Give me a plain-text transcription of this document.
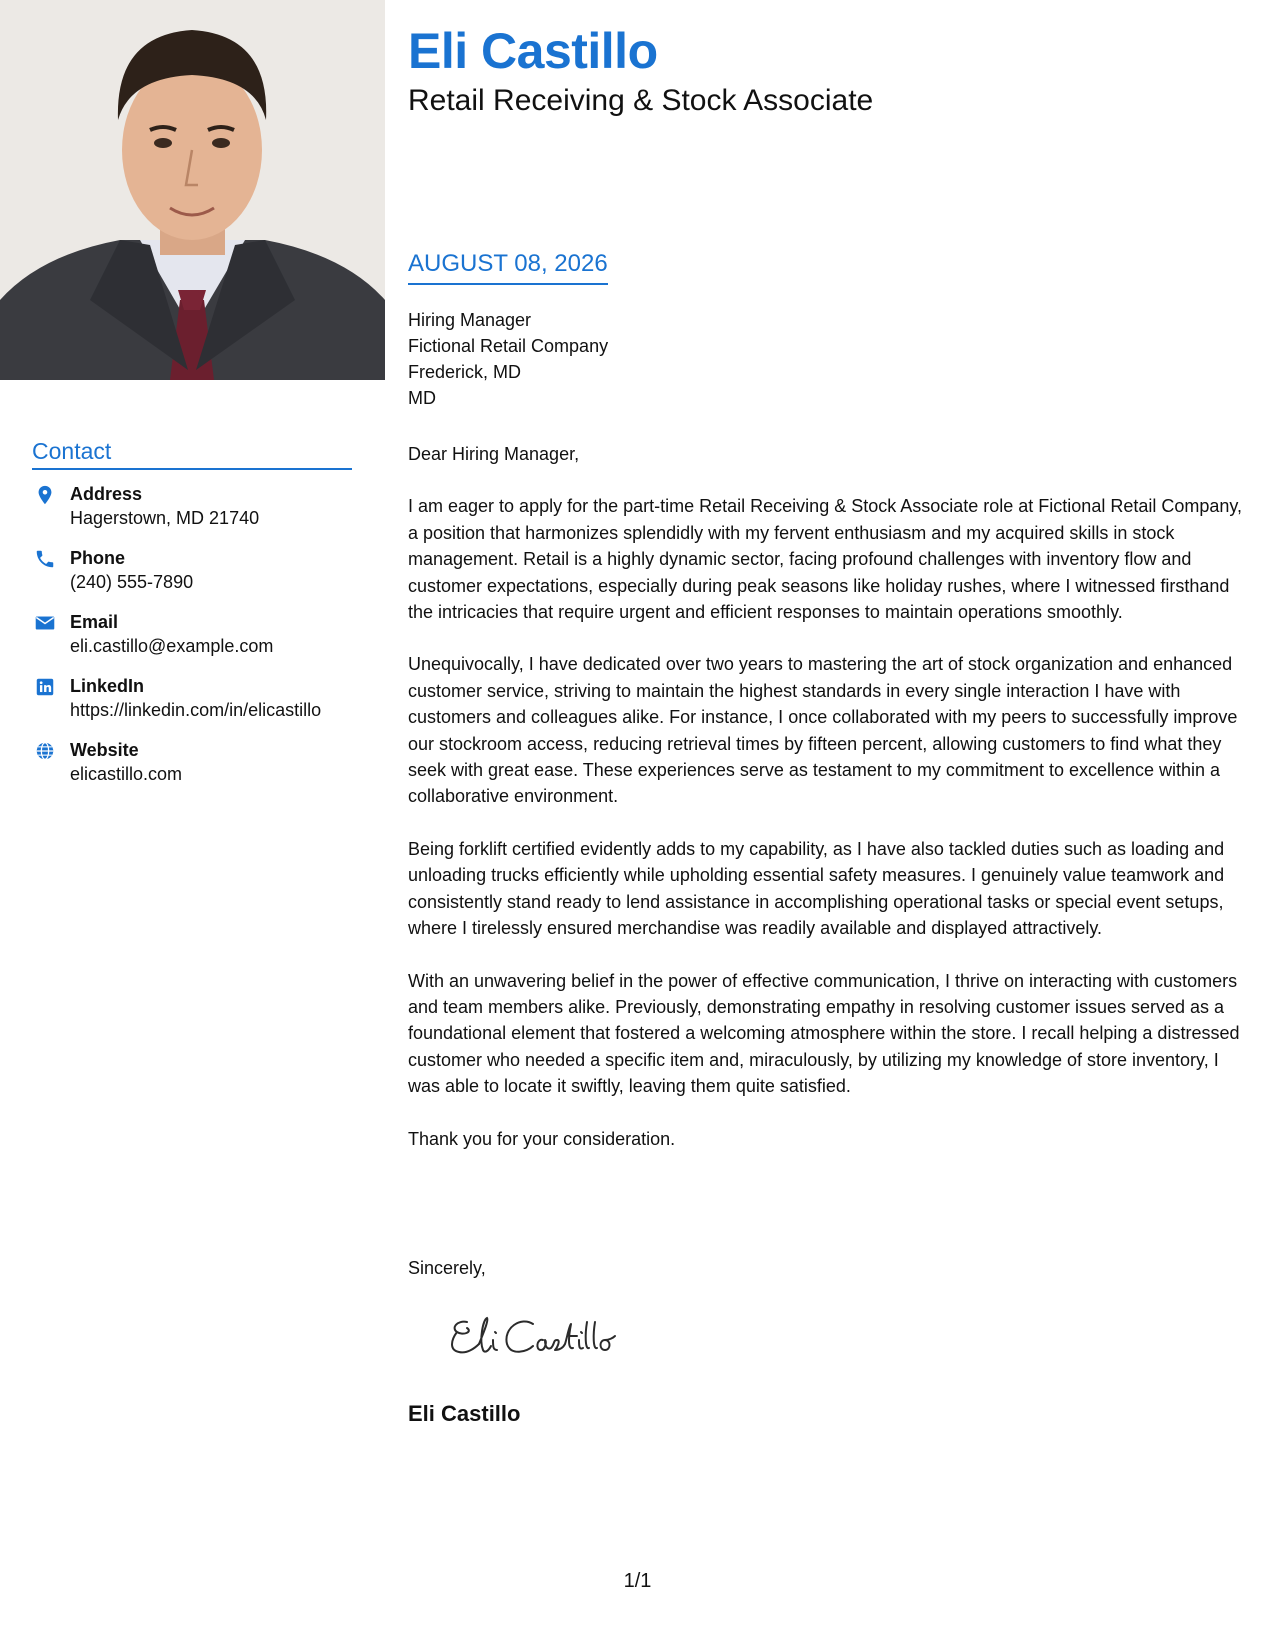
Contact
Address
Hagerstown, MD 21740
Phone
(240) 555-7890
Email
eli.castillo@example.com
LinkedIn
https://linkedin.com/in/elicastillo
Website
elicastillo.com
Eli Castillo
Retail Receiving & Stock Associate
AUGUST 08, 2026
Hiring Manager
Fictional Retail Company
Frederick, MD
MD

Dear Hiring Manager,

I am eager to apply for the part-time Retail Receiving & Stock Associate role at Fictional Retail Company, a position that harmonizes splendidly with my fervent enthusiasm and my acquired skills in stock management. Retail is a highly dynamic sector, facing profound challenges with inventory flow and customer expectations, especially during peak seasons like holiday rushes, where I witnessed firsthand the intricacies that require urgent and efficient responses to maintain operations smoothly.

Unequivocally, I have dedicated over two years to mastering the art of stock organization and enhanced customer service, striving to maintain the highest standards in every single interaction I have with customers and colleagues alike. For instance, I once collaborated with my peers to successfully improve our stockroom access, reducing retrieval times by fifteen percent, allowing customers to find what they seek with great ease. These experiences serve as testament to my commitment to excellence within a collaborative environment.

Being forklift certified evidently adds to my capability, as I have also tackled duties such as loading and unloading trucks efficiently while upholding essential safety measures. I genuinely value teamwork and consistently stand ready to lend assistance in accomplishing operational tasks or special event setups, where I tirelessly ensured merchandise was readily available and displayed attractively.

With an unwavering belief in the power of effective communication, I thrive on interacting with customers and team members alike. Previously, demonstrating empathy in resolving customer issues served as a foundational element that fostered a welcoming atmosphere within the store. I recall helping a distressed customer who needed a specific item and, miraculously, by utilizing my knowledge of store inventory, I was able to locate it swiftly, leaving them quite satisfied.

Thank you for your consideration.

Sincerely,
Eli Castillo
1/1
